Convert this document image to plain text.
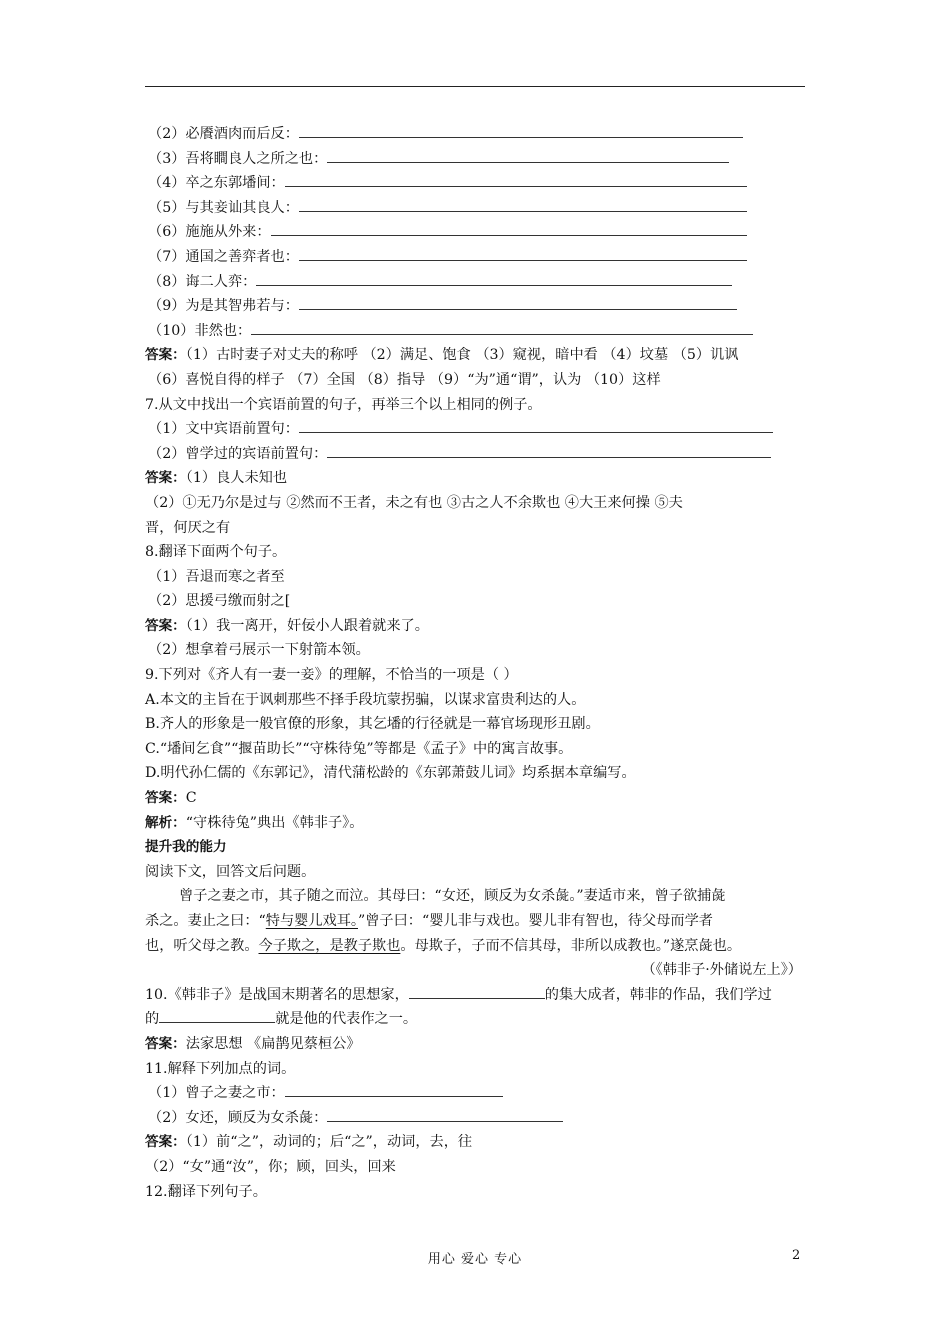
（2）必餍酒肉而后反：
（3）吾将瞷良人之所之也：
（4）卒之东郭墦间：
（5）与其妾讪其良人：
（6）施施从外来：
（7）通国之善弈者也：
（8）诲二人弈：
（9）为是其智弗若与：
（10）非然也：
答案：（1）古时妻子对丈夫的称呼 （2）满足、饱食 （3）窥视，暗中看 （4）坟墓 （5）讥讽
（6）喜悦自得的样子 （7）全国 （8）指导 （9）“为”通“谓”，认为 （10）这样
7.从文中找出一个宾语前置的句子，再举三个以上相同的例子。
（1）文中宾语前置句：
（2）曾学过的宾语前置句：
答案：（1）良人未知也
（2）①无乃尔是过与 ②然而不王者，未之有也 ③古之人不余欺也 ④大王来何操 ⑤夫
晋，何厌之有
8.翻译下面两个句子。
（1）吾退而寒之者至
（2）思援弓缴而射之[
答案：（1）我一离开，奸佞小人跟着就来了。
（2）想拿着弓展示一下射箭本领。
9.下列对《齐人有一妻一妾》的理解，不恰当的一项是（ ）
A.本文的主旨在于讽刺那些不择手段坑蒙拐骗，以谋求富贵利达的人。
B.齐人的形象是一般官僚的形象，其乞墦的行径就是一幕官场现形丑剧。
C.“墦间乞食”“揠苗助长”“守株待兔”等都是《孟子》中的寓言故事。
D.明代孙仁儒的《东郭记》，清代蒲松龄的《东郭萧鼓儿词》均系据本章编写。
答案：C
解析：“守株待兔”典出《韩非子》。
提升我的能力
阅读下文，回答文后问题。
曾子之妻之市，其子随之而泣。其母曰：“女还，顾反为女杀彘。”妻适市来，曾子欲捕彘
杀之。妻止之曰：“特与婴儿戏耳。”曾子曰：“婴儿非与戏也。婴儿非有智也，待父母而学者
也，听父母之教。今子欺之，是教子欺也。母欺子，子而不信其母，非所以成教也。”遂烹彘也。
（《韩非子·外储说左上》）
10.《韩非子》是战国末期著名的思想家，	的集大成者，韩非的作品，我们学过
的	就是他的代表作之一。
答案：法家思想 《扁鹊见蔡桓公》
11.解释下列加点的词。
（1）曾子之妻之市：
（2）女还，顾反为女杀彘：
答案：（1）前“之”，动词的；后“之”，动词，去，往
（2）“女”通“汝”，你；顾，回头，回来
12.翻译下列句子。
用心 爱心 专心	2
